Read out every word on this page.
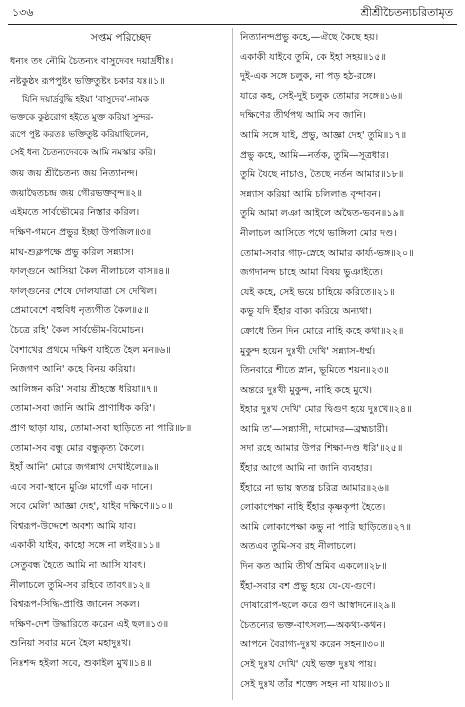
১৩৬	শ্রীশ্রীচৈতন্যচরিতামৃত
সপ্তম পরিচ্ছেদ
ধন্যং তং নৌমি চৈতন্যং বাসুদেবং দয়ার্দ্রধীঃ।
নষ্টকুষ্ঠং রূপপুষ্টং ভক্তিতুষ্টং চকার যঃ॥১॥
যিনি দয়ার্দ্রবুদ্ধি হইয়া 'বাসুদেব'-নামক
ভক্তকে কুষ্ঠরোগ হইতে মুক্ত করিয়া সুন্দর-
রূপে পুষ্ট করতঃ ভক্তিতুষ্ট করিয়াছিলেন,
সেই ধন্য চৈতন্যদেবকে আমি নমস্কার করি।
জয় জয় শ্রীচৈতন্য জয় নিত্যানন্দ।
জয়াদ্বৈতচন্দ্র জয় গৌরভক্তবৃন্দ॥২॥
এইমতে সার্বভৌমের নিস্তার করিল।
দক্ষিণ-গমনে প্রভুর ইচ্ছা উপজিল॥৩॥
মাঘ-শুক্লপক্ষে প্রভু করিল সন্ন্যাস।
ফাল্গুনে আসিয়া কৈল নীলাচলে বাস॥৪॥
ফাল্গুনের শেষে দোলযাত্রা সে দেখিল।
প্রেমাবেশে বহুবিধ নৃত্যগীত কৈল॥৫॥
চৈত্রে রহি' কৈল সার্বভৌম-বিমোচন।
বৈশাখের প্রথমে দক্ষিণ যাইতে হৈল মন॥৬॥
নিজগণ আনি' কহে বিনয় করিয়া।
আলিঙ্গন করি' সবায় শ্রীহস্তে ধরিয়া॥৭॥
তোমা-সবা জানি আমি প্রাণাধিক করি'।
প্রাণ ছাড়া যায়, তোমা-সবা ছাড়িতে না পারি॥৮॥
তোমা-সব বন্ধু মোর বন্ধুকৃত্য কৈলে।
ইহাঁ আনি' মোরে জগন্নাথ দেখাইলে॥৯॥
এবে সবা-স্থানে মুঞি মাগোঁ এক দানে।
সবে মেলি' আজ্ঞা দেহ', যাইব দক্ষিণে॥১০॥
বিশ্বরূপ-উদ্দেশে অবশ্য আমি যাব।
একাকী যাইব, কাহো সঙ্গে না লইব॥১১॥
সেতুবন্ধ হৈতে আমি না আসি যাবৎ।
নীলাচলে তুমি-সব রহিবে তাবৎ॥১২॥
বিশ্বরূপ-সিদ্ধি-প্রাপ্তি জানেন সকল।
দক্ষিণ-দেশ উদ্ধারিতে করেন এই ছল॥১৩॥
শুনিয়া সবার মনে হৈল মহাদুঃখ।
নিঃশব্দ হইলা সবে, শুকাইল মুখ॥১৪॥
নিত্যানন্দপ্রভু কহে,—ঐছে কৈছে হয়।
একাকী যাইবে তুমি, কে ইহা সহয়॥১৫॥
দুই-এক সঙ্গে চলুক, না পড় হঠ-রঙ্গে।
যারে কহ, সেই-দুই চলুক তোমার সঙ্গে॥১৬॥
দক্ষিণের তীর্থপথ আমি সব জানি।
আমি সঙ্গে যাই, প্রভু, আজ্ঞা দেহ' তুমি॥১৭॥
প্রভু কহে, আমি—নর্তক, তুমি—সূত্রধার।
তুমি যৈছে নাচাও, তৈছে নর্তন আমার॥১৮॥
সন্ন্যাস করিয়া আমি চলিলাঙ বৃন্দাবন।
তুমি আমা লঞা আইলে অদ্বৈত-ভবন॥১৯॥
নীলাচল আসিতে পথে ভাঙ্গিলা মোর দণ্ড।
তোমা-সবার গাঢ়-স্নেহে আমার কার্য্য-ভঙ্গ॥২০॥
জগদানন্দ চাহে আমা বিষয় ভুঞাইতে।
যেই কহে, সেই ভয়ে চাহিয়ে করিতে॥২১॥
কভু যদি ইঁহার বাক্য করিয়ে অন্যথা।
ক্রোধে তিন দিন মোরে নাহি কহে কথা॥২২॥
মুকুন্দ হয়েন দুঃখী দেখি' সন্ন্যাস-ধর্ম্ম।
তিনবারে শীতে স্নান, ভূমিতে শয়ন॥২৩॥
অন্তরে দুঃখী মুকুন্দ, নাহি কহে মুখে।
ইহার দুঃখ দেখি' মোর দ্বিগুণ হয়ে দুঃখে॥২৪॥
আমি ত'—সন্ন্যাসী, দামোদর—ব্রহ্মচারী।
সদা রহে আমার উপর শিক্ষা-দণ্ড ধরি'॥২৫॥
ইঁহার আগে আমি না জানি ব্যবহার।
ইঁহারে না ভায় স্বতন্ত্র চরিত্র আমার॥২৬॥
লোকাপেক্ষা নাহি ইঁহার কৃষ্ণকৃপা হৈতে।
আমি লোকাপেক্ষা কভু না পারি ছাড়িতে॥২৭॥
অতএব তুমি-সব রহ নীলাচলে।
দিন কত আমি তীর্থ ভ্রমিব একলে॥২৮॥
ইঁহা-সবার বশ প্রভু হয়ে যে-যে-গুণে।
দোষারোপ-ছলে করে গুণ আস্বাদনে॥২৯॥
চৈতন্যের ভক্ত-বাৎসল্য—অকথ্য-কথন।
আপনে বৈরাগ্য-দুঃখ করেন সহন॥৩০॥
সেই দুঃখ দেখি' যেই ভক্ত দুঃখ পায়।
সেই দুঃখ তাঁর শক্ত্যে সহন না যায়॥৩১॥
